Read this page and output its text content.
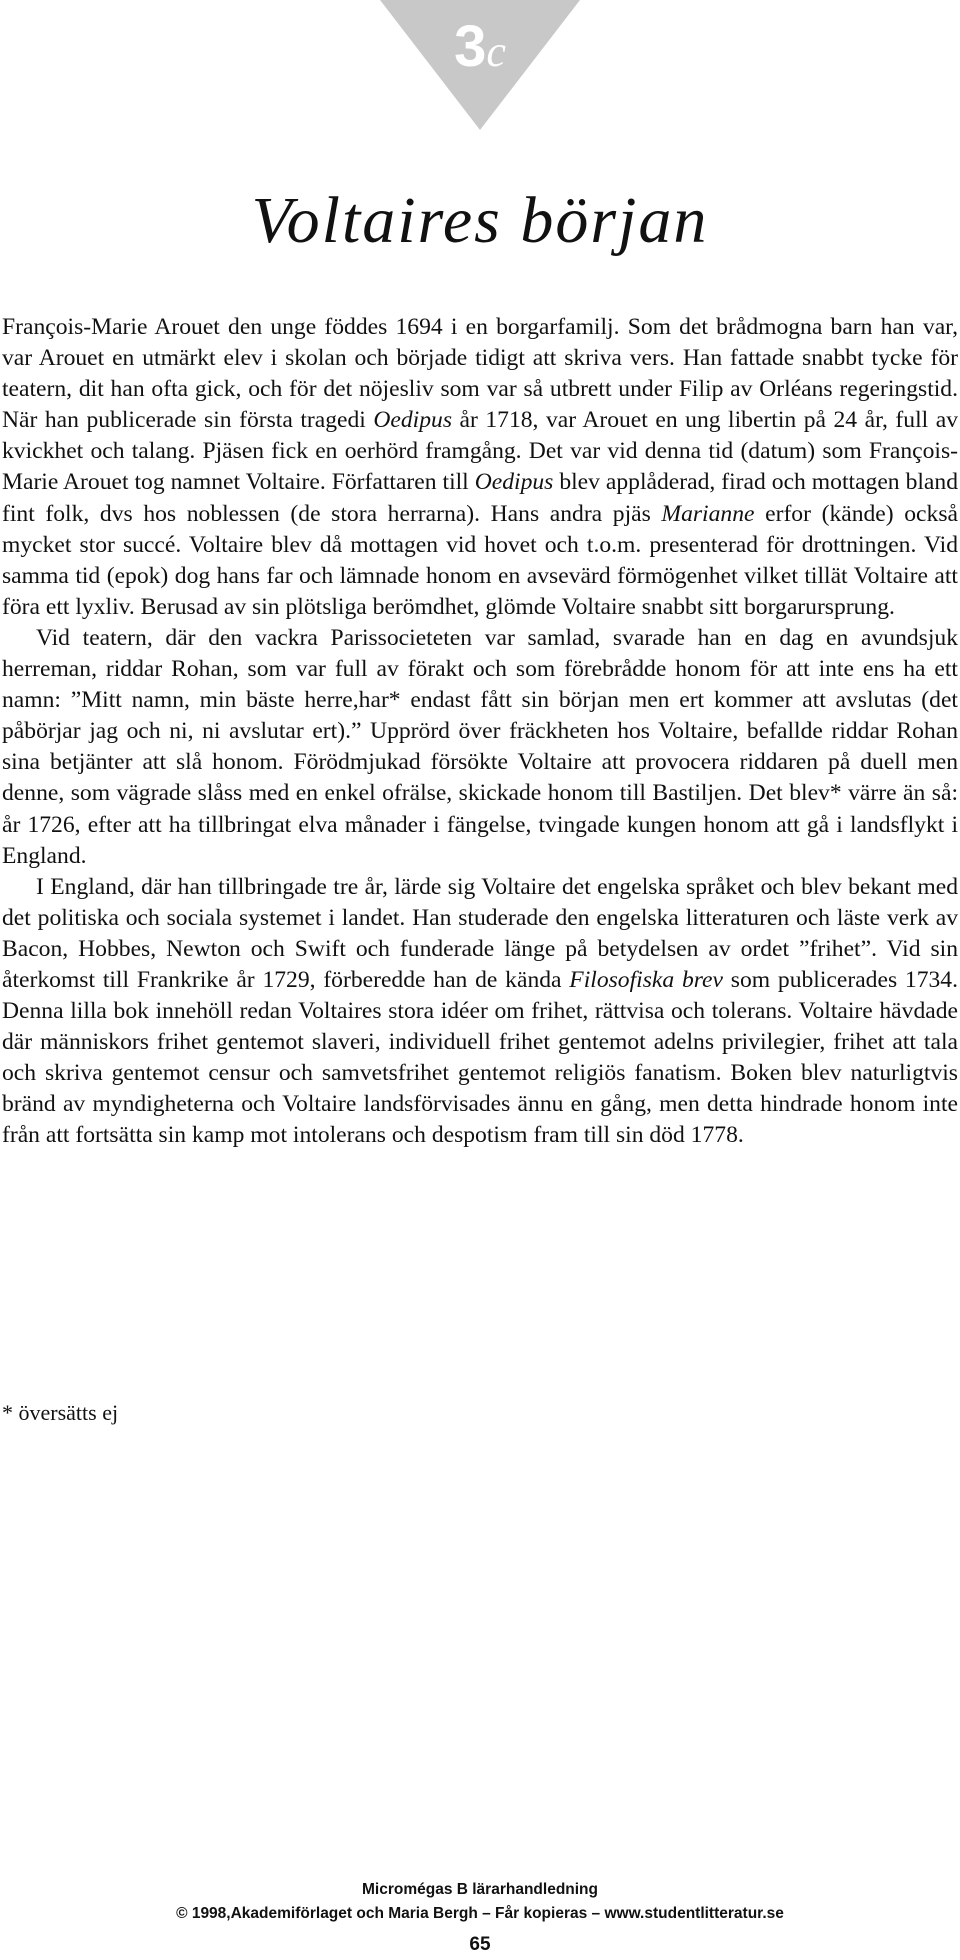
3c
Voltaires början

François-Marie Arouet den unge föddes 1694 i en borgarfamilj. Som det brådmogna barn han var, var Arouet en utmärkt elev i skolan och började tidigt att skriva vers. Han fattade snabbt tycke för teatern, dit han ofta gick, och för det nöjesliv som var så utbrett under Filip av Orléans regeringstid. När han publicerade sin första tragedi Oedipus år 1718, var Arouet en ung libertin på 24 år, full av kvickhet och talang. Pjäsen fick en oerhörd framgång. Det var vid denna tid (datum) som François-Marie Arouet tog namnet Voltaire. Författaren till Oedipus blev applåderad, firad och mottagen bland fint folk, dvs hos noblessen (de stora herrarna). Hans andra pjäs Marianne erfor (kände) också mycket stor succé. Voltaire blev då mottagen vid hovet och t.o.m. presenterad för drottningen. Vid samma tid (epok) dog hans far och lämnade honom en avsevärd förmögenhet vilket tillät Voltaire att föra ett lyxliv. Berusad av sin plötsliga berömdhet, glömde Voltaire snabbt sitt borgarursprung.

Vid teatern, där den vackra Parissocieteten var samlad, svarade han en dag en avundsjuk herreman, riddar Rohan, som var full av förakt och som förebrådde honom för att inte ens ha ett namn: ”Mitt namn, min bäste herre,har* endast fått sin början men ert kommer att avslutas (det påbörjar jag och ni, ni avslutar ert).” Upprörd över fräckheten hos Voltaire, befallde riddar Rohan sina betjänter att slå honom. Förödmjukad försökte Voltaire att provocera riddaren på duell men denne, som vägrade slåss med en enkel ofrälse, skickade honom till Bastiljen. Det blev* värre än så: år 1726, efter att ha tillbringat elva månader i fängelse, tvingade kungen honom att gå i landsflykt i England.

I England, där han tillbringade tre år, lärde sig Voltaire det engelska språket och blev bekant med det politiska och sociala systemet i landet. Han studerade den engelska litteraturen och läste verk av Bacon, Hobbes, Newton och Swift och funderade länge på betydelsen av ordet ”frihet”. Vid sin återkomst till Frankrike år 1729, förberedde han de kända Filosofiska brev som publicerades 1734. Denna lilla bok innehöll redan Voltaires stora idéer om frihet, rättvisa och tolerans. Voltaire hävdade där människors frihet gentemot slaveri, individuell frihet gentemot adelns privilegier, frihet att tala och skriva gentemot censur och samvetsfrihet gentemot religiös fanatism. Boken blev naturligtvis bränd av myndigheterna och Voltaire landsförvisades ännu en gång, men detta hindrade honom inte från att fortsätta sin kamp mot intolerans och despotism fram till sin död 1778.

* översätts ej

Micromégas B lärarhandledning
© 1998,Akademiförlaget och Maria Bergh – Får kopieras – www.studentlitteratur.se
65
